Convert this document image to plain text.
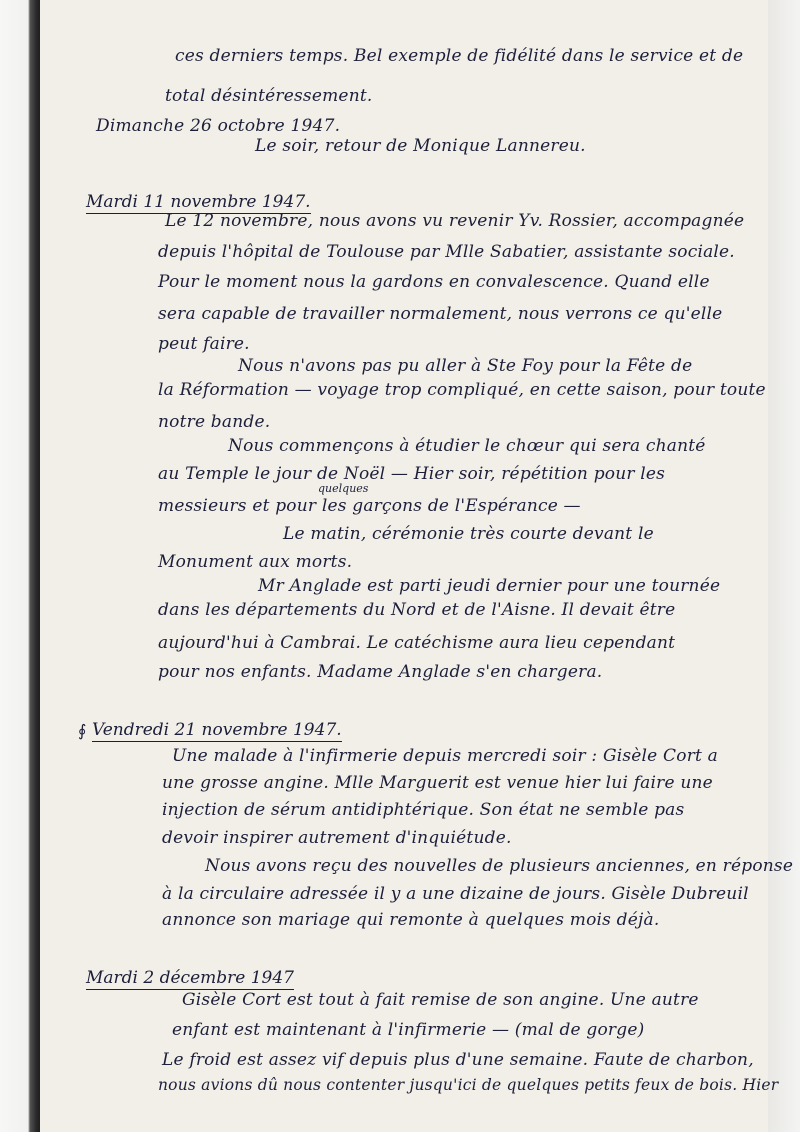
ces derniers temps. Bel exemple de fidélité dans le service et de
total désintéressement.
Dimanche 26 octobre 1947.
Le soir, retour de Monique Lannereu.
Mardi 11 novembre 1947.
Le 12 novembre, nous avons vu revenir Yv. Rossier, accompagnée
depuis l'hôpital de Toulouse par Mlle Sabatier, assistante sociale.
Pour le moment nous la gardons en convalescence. Quand elle
sera capable de travailler normalement, nous verrons ce qu'elle
peut faire.
Nous n'avons pas pu aller à Ste Foy pour la Fête de
la Réformation — voyage trop compliqué, en cette saison, pour toute
notre bande.
Nous commençons à étudier le chœur qui sera chanté
au Temple le jour de Noël — Hier soir, répétition pour les
quelques
messieurs et pour les garçons de l'Espérance —
Le matin, cérémonie très courte devant le
Monument aux morts.
Mr Anglade est parti jeudi dernier pour une tournée
dans les départements du Nord et de l'Aisne. Il devait être
aujourd'hui à Cambrai. Le catéchisme aura lieu cependant
pour nos enfants. Madame Anglade s'en chargera.
∮ Vendredi 21 novembre 1947.
Une malade à l'infirmerie depuis mercredi soir : Gisèle Cort a
une grosse angine. Mlle Marguerit est venue hier lui faire une
injection de sérum antidiphtérique. Son état ne semble pas
devoir inspirer autrement d'inquiétude.
Nous avons reçu des nouvelles de plusieurs anciennes, en réponse
à la circulaire adressée il y a une dizaine de jours. Gisèle Dubreuil
annonce son mariage qui remonte à quelques mois déjà.
Mardi 2 décembre 1947
Gisèle Cort est tout à fait remise de son angine. Une autre
enfant est maintenant à l'infirmerie — (mal de gorge)
Le froid est assez vif depuis plus d'une semaine. Faute de charbon,
nous avions dû nous contenter jusqu'ici de quelques petits feux de bois. Hier
